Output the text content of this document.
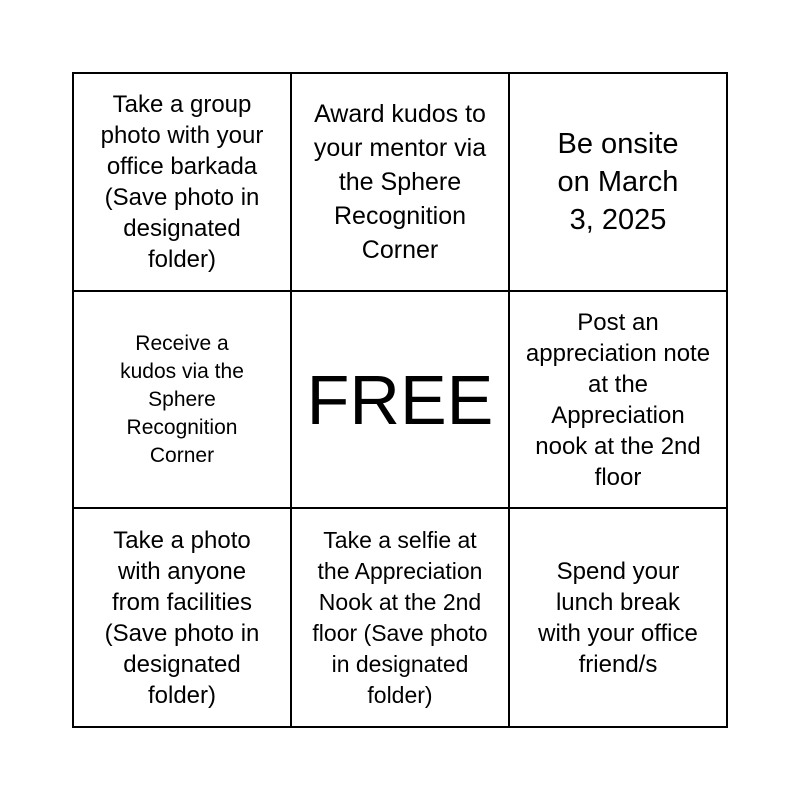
Take a group photo with your office barkada (Save photo in designated folder)
Award kudos to your mentor via the Sphere Recognition Corner
Be onsite on March 3, 2025
Receive a kudos via the Sphere Recognition Corner
FREE
Post an appreciation note at the Appreciation nook at the 2nd floor
Take a photo with anyone from facilities (Save photo in designated folder)
Take a selfie at the Appreciation Nook at the 2nd floor (Save photo in designated folder)
Spend your lunch break with your office friend/s
